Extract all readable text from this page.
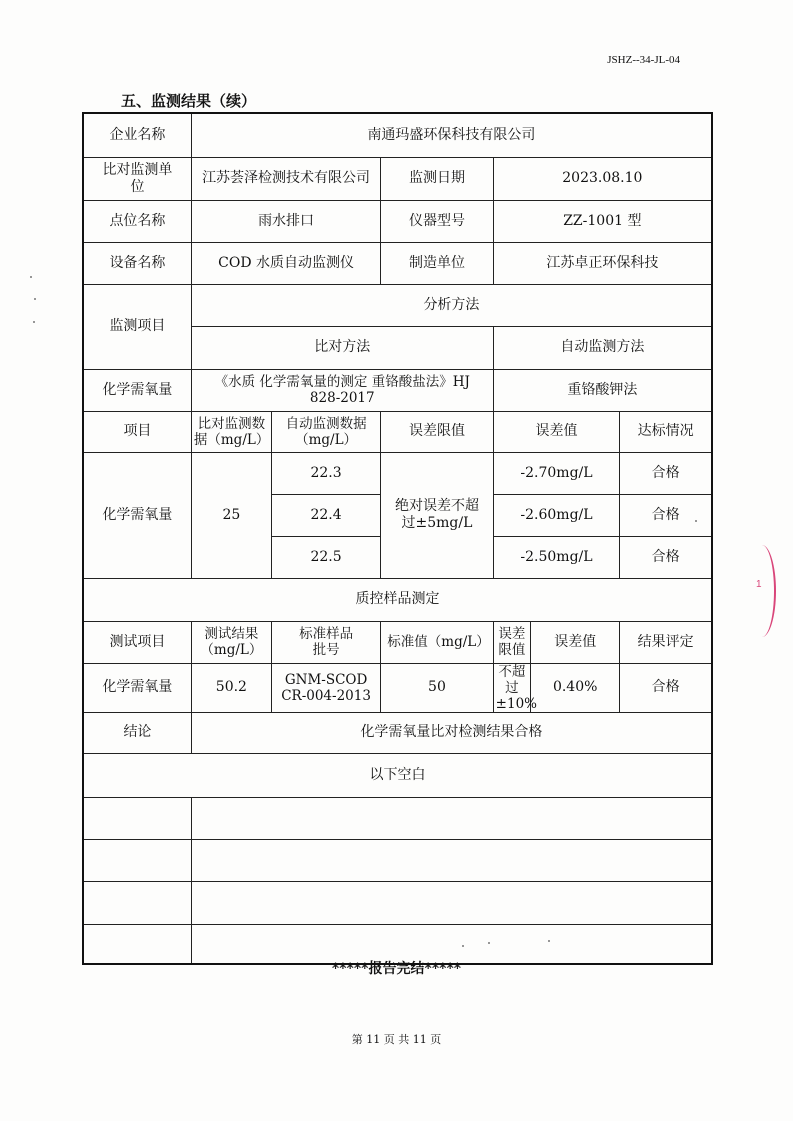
JSHZ--34-JL-04
五、监测结果（续）
企业名称	南通玛盛环保科技有限公司					
比对监测单位	江苏荟泽检测技术有限公司		监测日期	2023.08.10		
点位名称	雨水排口		仪器型号	ZZ-1001 型		
设备名称	COD 水质自动监测仪		制造单位	江苏卓正环保科技		
监测项目	分析方法					
	比对方法			自动监测方法		
化学需氧量	《水质 化学需氧量的测定 重铬酸盐法》HJ 828-2017			重铬酸钾法		
项目	比对监测数据（mg/L）	自动监测数据（mg/L）	误差限值	误差值		达标情况
化学需氧量	25	22.3	绝对误差不超过±5mg/L	-2.70mg/L		合格
		22.4		-2.60mg/L		合格
		22.5		-2.50mg/L		合格
质控样品测定						
测试项目	测试结果（mg/L）	标准样品批号	标准值（mg/L）	误差限值	误差值	结果评定
化学需氧量	50.2	GNM-SCOD CR-004-2013	50	不超过±10%	0.40%	合格
结论	化学需氧量比对检测结果合格					
以下空白						

*****报告完结*****
第 11 页 共 11 页
1
